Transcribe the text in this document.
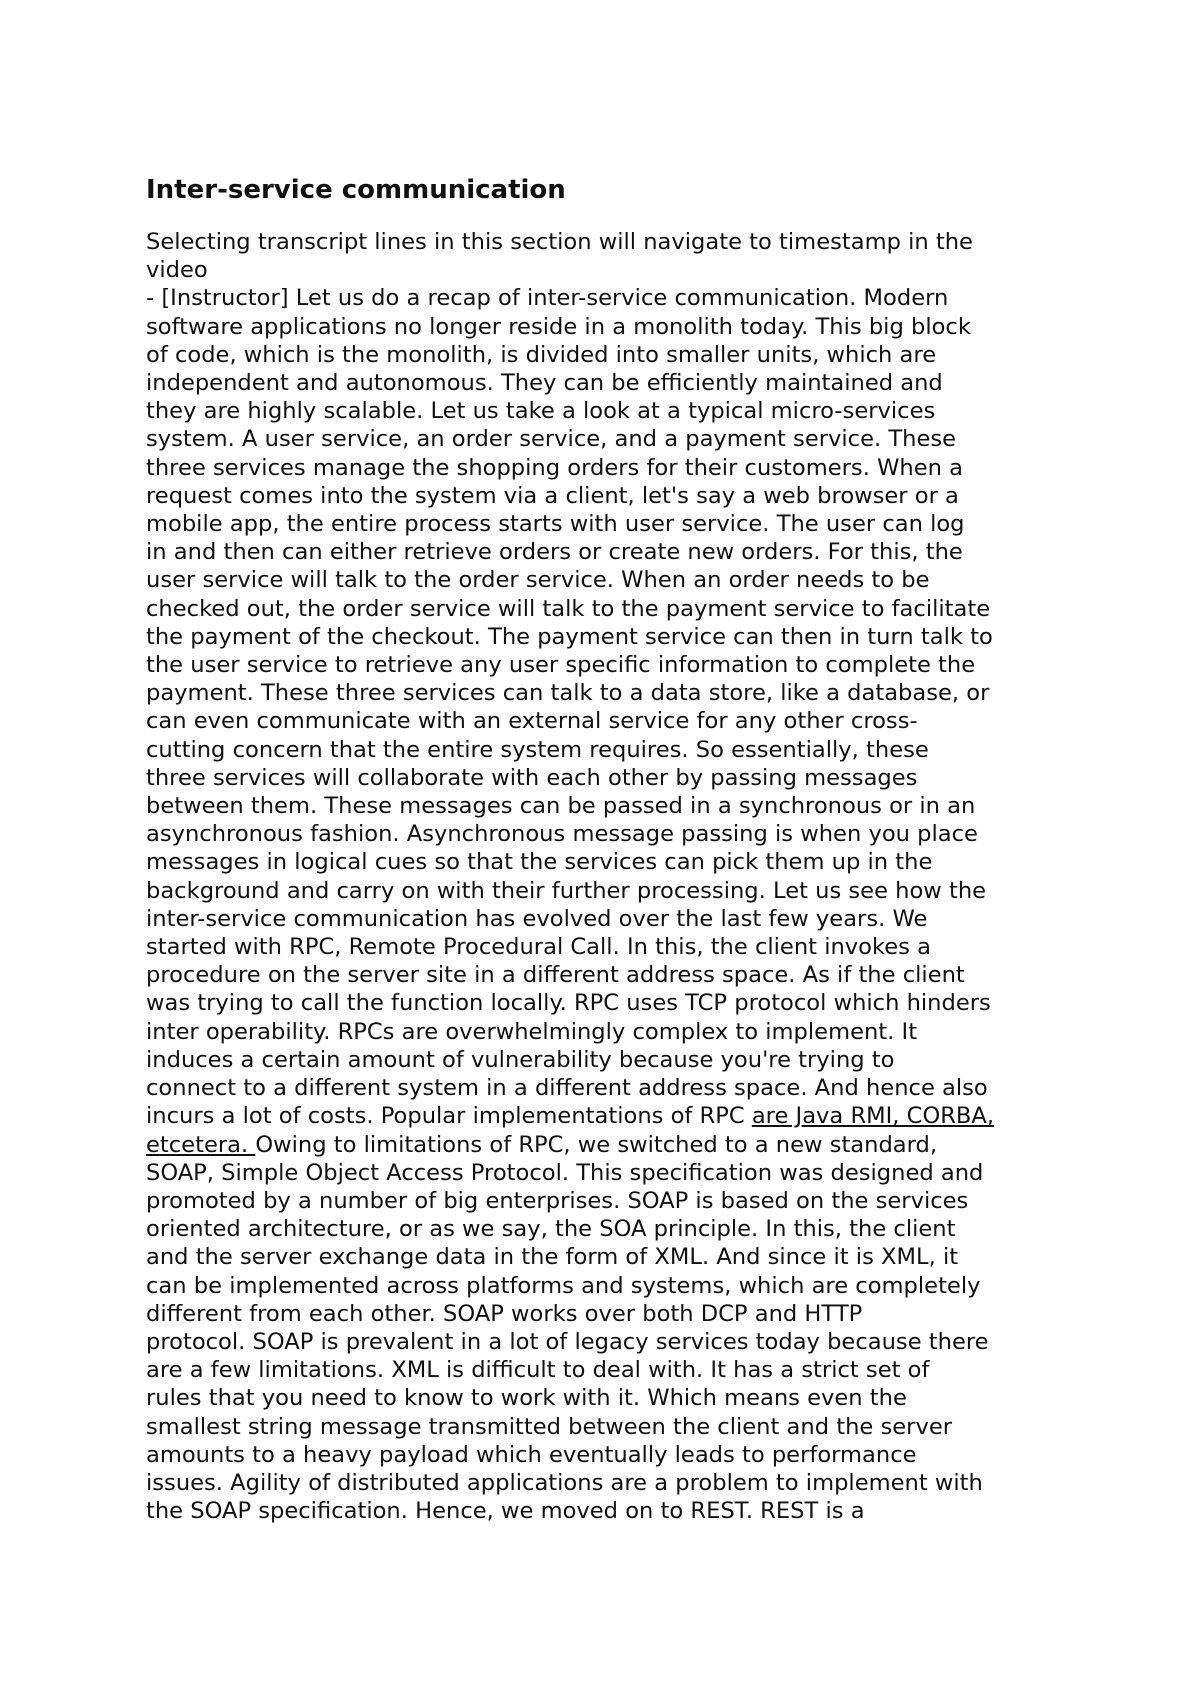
Inter-service communication

Selecting transcript lines in this section will navigate to timestamp in the
video

- [Instructor] Let us do a recap of inter-service communication. Modern
software applications no longer reside in a monolith today. This big block
of code, which is the monolith, is divided into smaller units, which are
independent and autonomous. They can be efficiently maintained and
they are highly scalable. Let us take a look at a typical micro-services
system. A user service, an order service, and a payment service. These
three services manage the shopping orders for their customers. When a
request comes into the system via a client, let's say a web browser or a
mobile app, the entire process starts with user service. The user can log
in and then can either retrieve orders or create new orders. For this, the
user service will talk to the order service. When an order needs to be
checked out, the order service will talk to the payment service to facilitate
the payment of the checkout. The payment service can then in turn talk to
the user service to retrieve any user specific information to complete the
payment. These three services can talk to a data store, like a database, or
can even communicate with an external service for any other cross-
cutting concern that the entire system requires. So essentially, these
three services will collaborate with each other by passing messages
between them. These messages can be passed in a synchronous or in an
asynchronous fashion. Asynchronous message passing is when you place
messages in logical cues so that the services can pick them up in the
background and carry on with their further processing. Let us see how the
inter-service communication has evolved over the last few years. We
started with RPC, Remote Procedural Call. In this, the client invokes a
procedure on the server site in a different address space. As if the client
was trying to call the function locally. RPC uses TCP protocol which hinders
inter operability. RPCs are overwhelmingly complex to implement. It
induces a certain amount of vulnerability because you're trying to
connect to a different system in a different address space. And hence also
incurs a lot of costs. Popular implementations of RPC are Java RMI, CORBA,
etcetera. Owing to limitations of RPC, we switched to a new standard,
SOAP, Simple Object Access Protocol. This specification was designed and
promoted by a number of big enterprises. SOAP is based on the services
oriented architecture, or as we say, the SOA principle. In this, the client
and the server exchange data in the form of XML. And since it is XML, it
can be implemented across platforms and systems, which are completely
different from each other. SOAP works over both DCP and HTTP
protocol. SOAP is prevalent in a lot of legacy services today because there
are a few limitations. XML is difficult to deal with. It has a strict set of
rules that you need to know to work with it. Which means even the
smallest string message transmitted between the client and the server
amounts to a heavy payload which eventually leads to performance
issues. Agility of distributed applications are a problem to implement with
the SOAP specification. Hence, we moved on to REST. REST is a
